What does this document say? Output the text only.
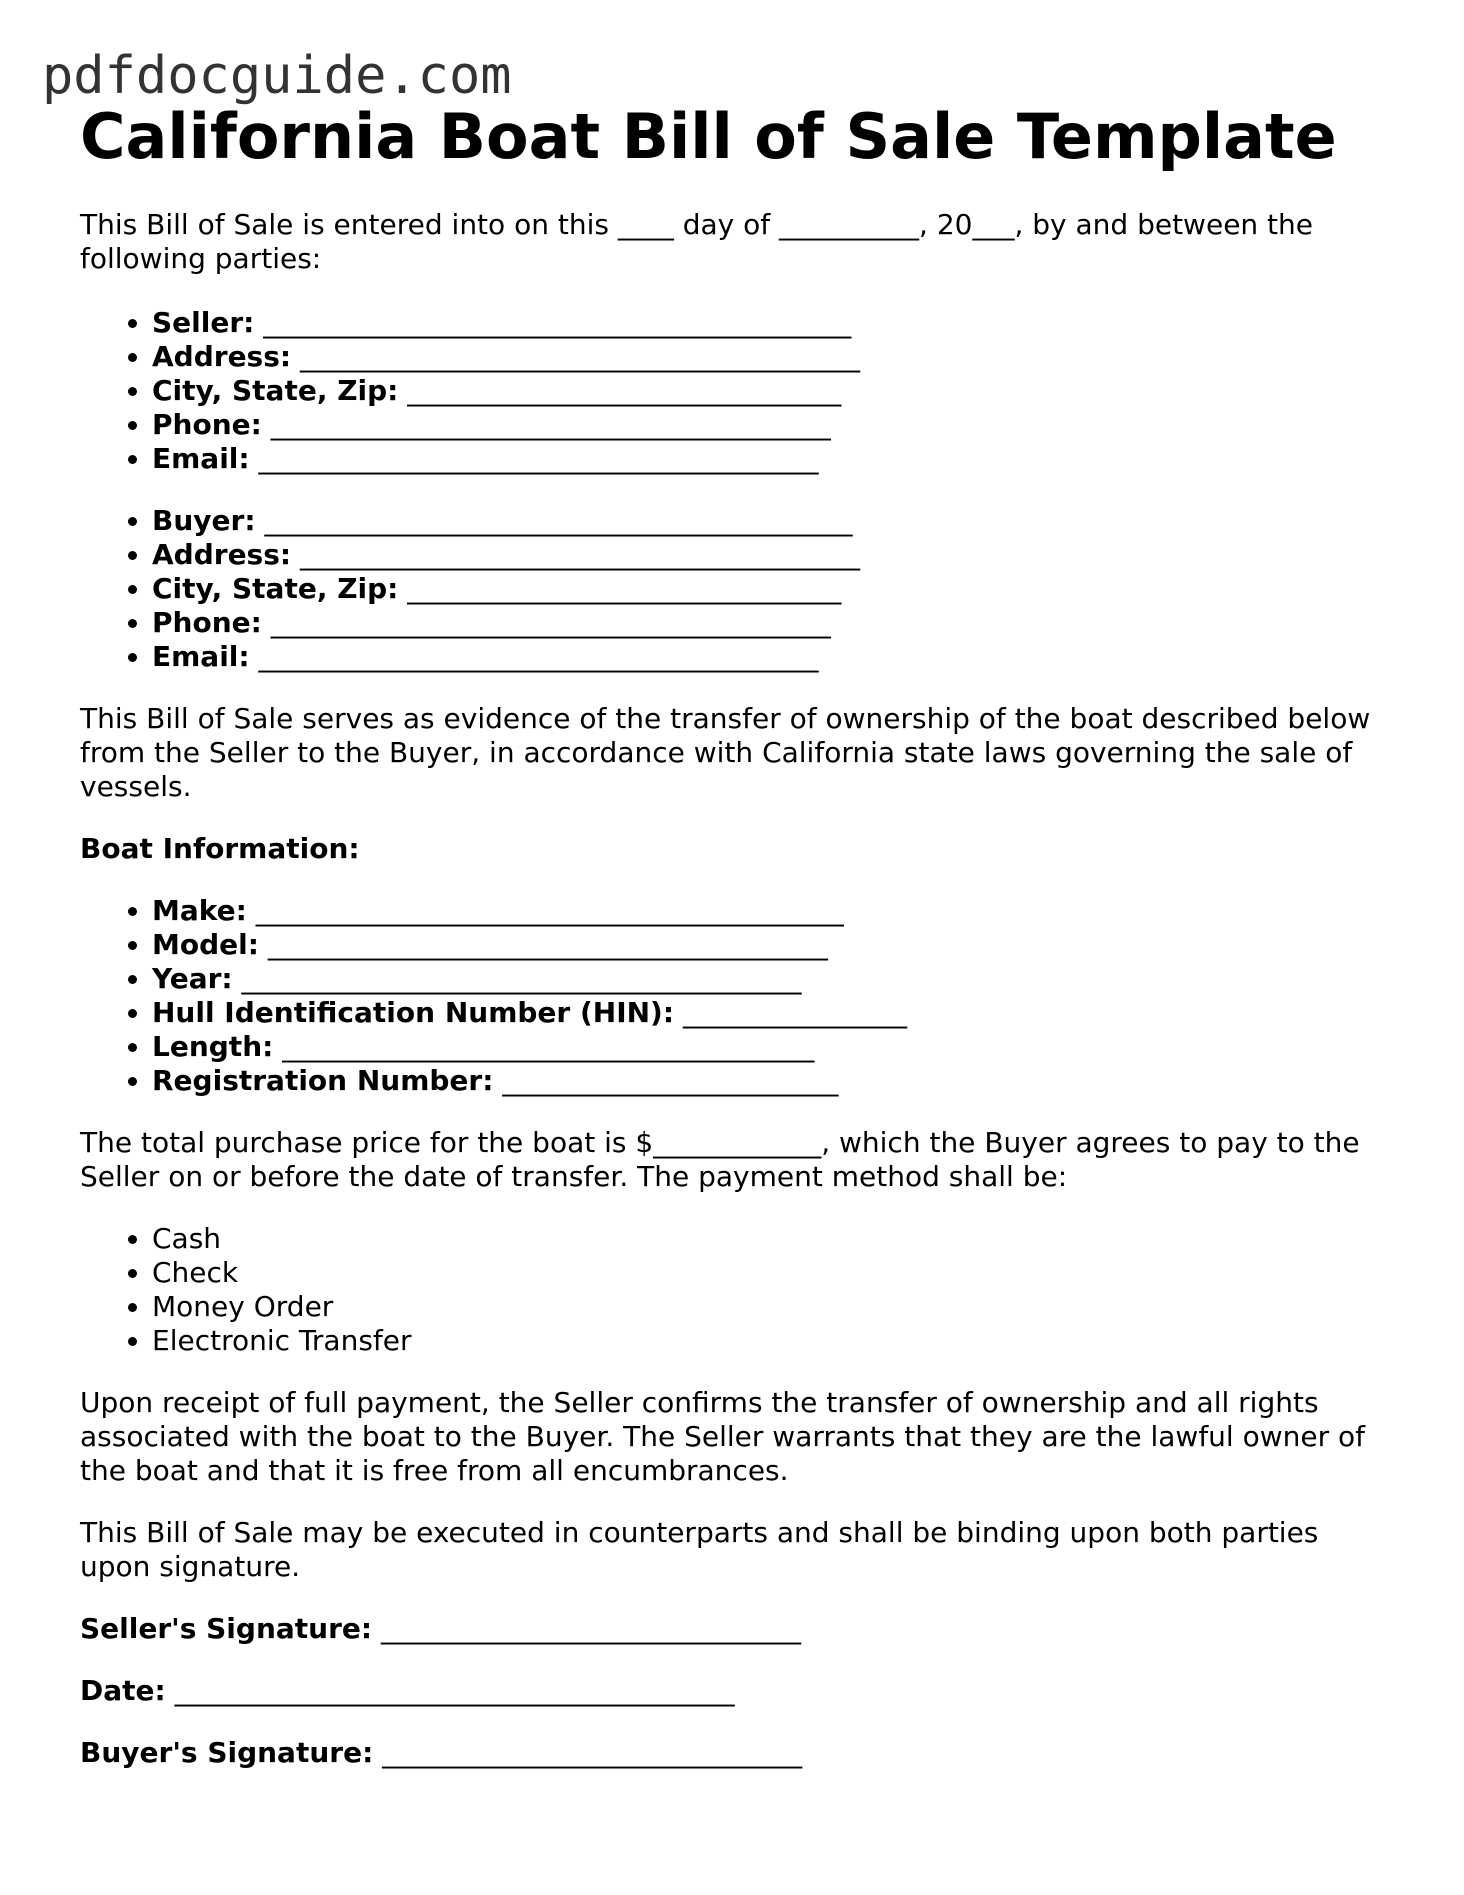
pdfdocguide.com
California Boat Bill of Sale Template

This Bill of Sale is entered into on this ____ day of __________, 20___, by and between the following parties:

• Seller: __________________________________________
• Address: ________________________________________
• City, State, Zip: _______________________________
• Phone: ________________________________________
• Email: ________________________________________
• Buyer: __________________________________________
• Address: ________________________________________
• City, State, Zip: _______________________________
• Phone: ________________________________________
• Email: ________________________________________

This Bill of Sale serves as evidence of the transfer of ownership of the boat described below from the Seller to the Buyer, in accordance with California state laws governing the sale of vessels.

Boat Information:

• Make: __________________________________________
• Model: ________________________________________
• Year: ________________________________________
• Hull Identification Number (HIN): ________________
• Length: ______________________________________
• Registration Number: ________________________

The total purchase price for the boat is $____________, which the Buyer agrees to pay to the Seller on or before the date of transfer. The payment method shall be:

• Cash
• Check
• Money Order
• Electronic Transfer

Upon receipt of full payment, the Seller confirms the transfer of ownership and all rights associated with the boat to the Buyer. The Seller warrants that they are the lawful owner of the boat and that it is free from all encumbrances.

This Bill of Sale may be executed in counterparts and shall be binding upon both parties upon signature.

Seller's Signature: ______________________________

Date: ________________________________________

Buyer's Signature: ______________________________
